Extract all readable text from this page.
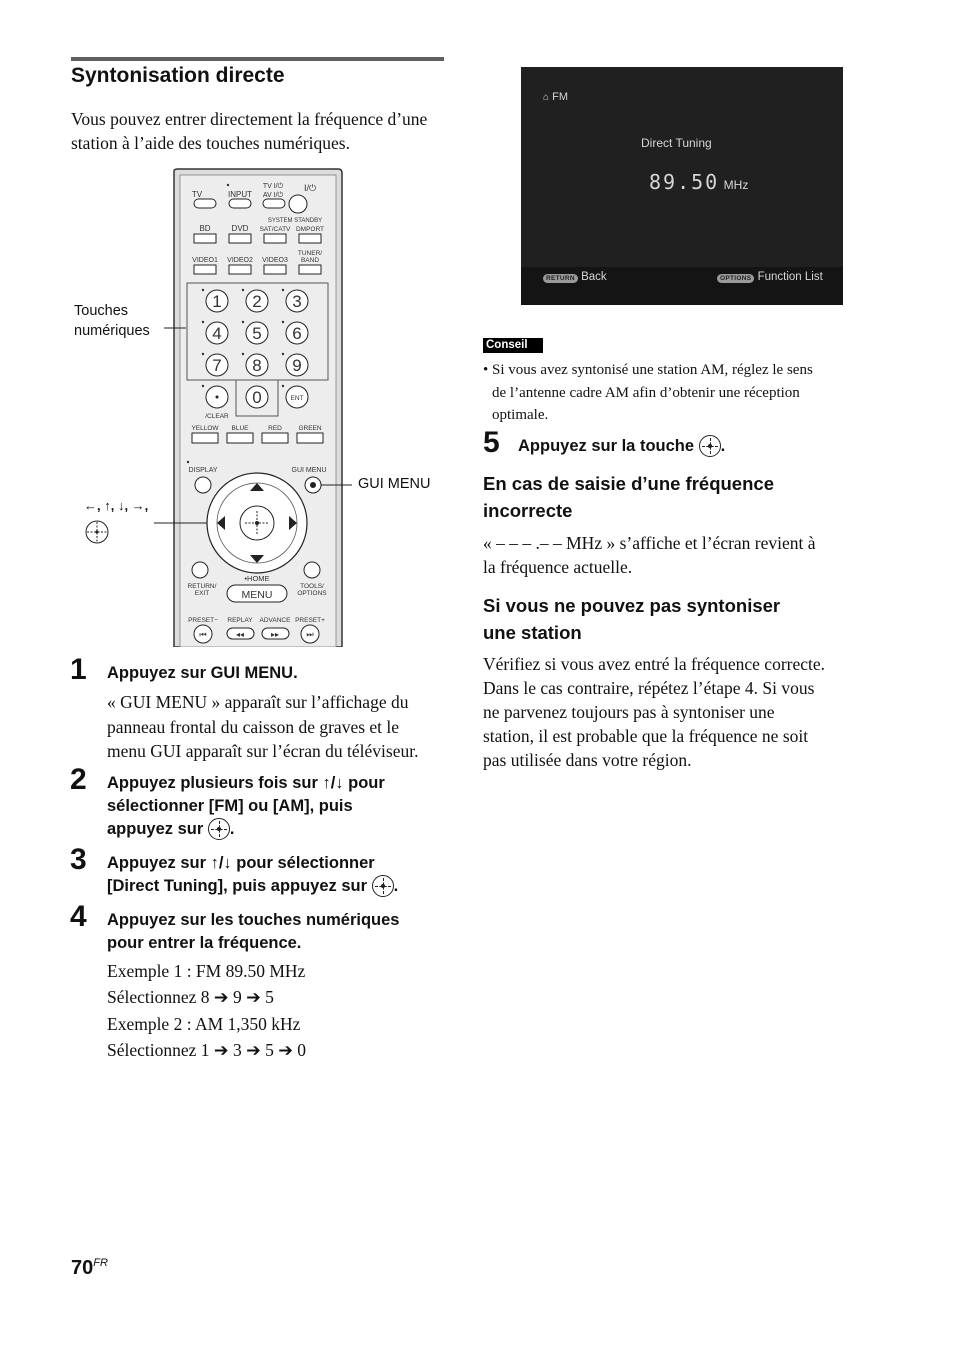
Syntonisation directe
Vous pouvez entrer directement la fréquence d’une station à l’aide des touches numériques.
TV	INPUT
TV I/⏻
AV I/⏻
I/⏻
SYSTEM STANDBY
BD	DVD SAT/CATV DMPORT
TUNER/
BAND
VIDEO1 VIDEO2 VIDEO3
1 2 3
4 5 6
7 8 9
0
/CLEAR
ENT
YELLOW BLUE	RED	GREEN
DISPLAY	GUI MENU
RETURN/
EXIT
TOOLS/
OPTIONS
•HOME
MENU
PRESET− REPLAY ADVANCE PRESET+
⏮	◂◂	▸▸	⏭
Touches
numériques
GUI MENU
←, ↑, ↓, →,
1 Appuyez sur GUI MENU.
« GUI MENU » apparaît sur l’affichage du
panneau frontal du caisson de graves et le
menu GUI apparaît sur l’écran du téléviseur.
2 Appuyez plusieurs fois sur ↑/↓ pour
sélectionner [FM] ou [AM], puis
appuyez sur .
3 Appuyez sur ↑/↓ pour sélectionner
[Direct Tuning], puis appuyez sur .
4 Appuyez sur les touches numériques
pour entrer la fréquence.
Exemple 1 : FM 89.50 MHz
Sélectionnez 8 ➔ 9 ➔ 5
Exemple 2 : AM 1,350 kHz
Sélectionnez 1 ➔ 3 ➔ 5 ➔ 0
⌂ FM
Direct Tuning
89.50 MHz
RETURN Back	OPTIONS Function List
Conseil
• Si vous avez syntonisé une station AM, réglez le sens
de l’antenne cadre AM afin d’obtenir une réception
optimale.
5 Appuyez sur la touche .
En cas de saisie d’une fréquence
incorrecte
« – – – .– – MHz » s’affiche et l’écran revient à
la fréquence actuelle.
Si vous ne pouvez pas syntoniser
une station
Vérifiez si vous avez entré la fréquence correcte.
Dans le cas contraire, répétez l’étape 4. Si vous
ne parvenez toujours pas à syntoniser une
station, il est probable que la fréquence ne soit
pas utilisée dans votre région.
$70^{FR}$
